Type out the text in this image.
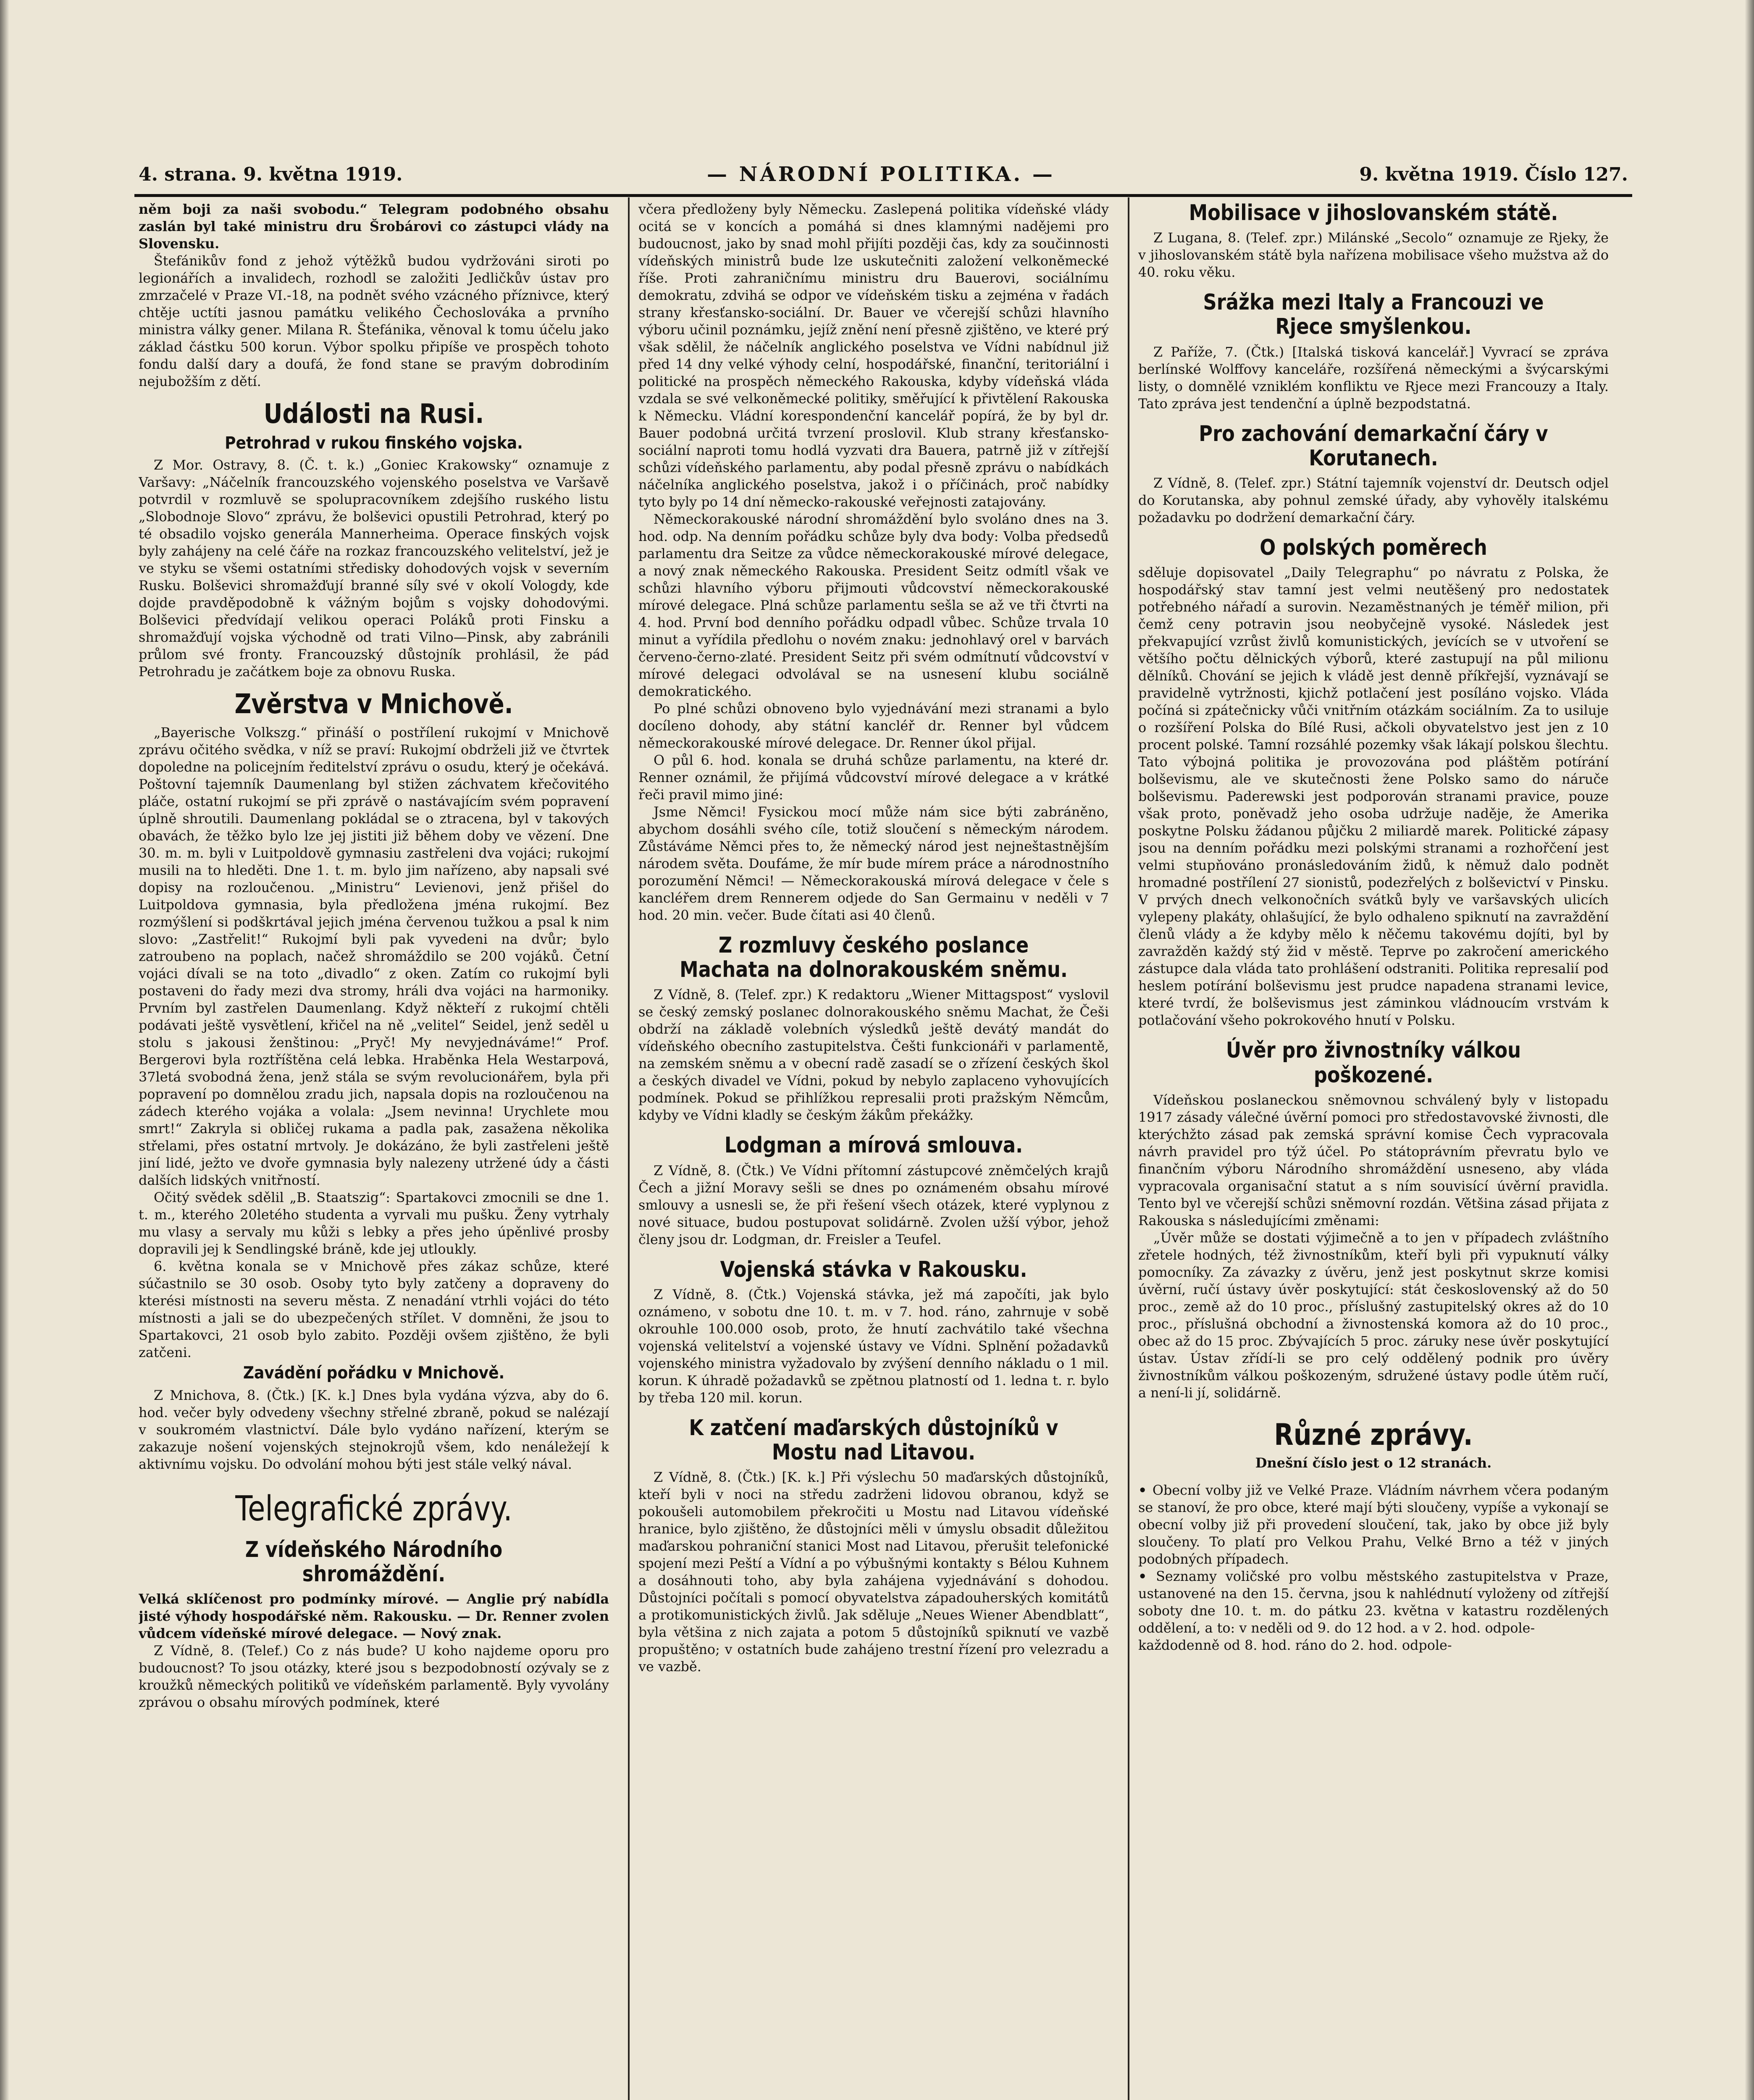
4. strana. 9. května 1919.	— NÁRODNÍ POLITIKA. —	9. května 1919. Číslo 127.

něm boji za naši svobodu.“ Telegram podobného obsahu zaslán byl také ministru dru Šrobárovi co zástupci vlády na Slovensku.

Štefánikův fond z jehož výtěžků budou vydržováni siroti po legionářích a invalidech, rozhodl se založiti Jedličkův ústav pro zmrzačelé v Praze VI.-18, na podnět svého vzácného příznivce, který chtěje uctíti jasnou památku velikého Čechoslováka a prvního ministra války gener. Milana R. Štefánika, věnoval k tomu účelu jako základ částku 500 korun. Výbor spolku připíše ve prospěch tohoto fondu další dary a doufá, že fond stane se pravým dobrodiním nejubožším z dětí.

Události na Rusi.
Petrohrad v rukou finského vojska.

Z Mor. Ostravy, 8. (Č. t. k.) „Goniec Krakowsky“ oznamuje z Varšavy: „Náčelník francouzského vojenského poselstva ve Varšavě potvrdil v rozmluvě se spolupracovníkem zdejšího ruského listu „Slobodnoje Slovo“ zprávu, že bolševici opustili Petrohrad, který po té obsadilo vojsko generála Mannerheima. Operace finských vojsk byly zahájeny na celé čáře na rozkaz francouzského velitelství, jež je ve styku se všemi ostatními středisky dohodových vojsk v severním Rusku. Bolševici shromažďují branné síly své v okolí Vologdy, kde dojde pravděpodobně k vážným bojům s vojsky dohodovými. Bolševici předvídají velikou operaci Poláků proti Finsku a shromažďují vojska východně od trati Vilno—Pinsk, aby zabránili průlom své fronty. Francouzský důstojník prohlásil, že pád Petrohradu je začátkem boje za obnovu Ruska.

Zvěrstva v Mnichově.

„Bayerische Volkszg.“ přináší o postřílení rukojmí v Mnichově zprávu očitého svědka, v níž se praví: Rukojmí obdrželi již ve čtvrtek dopoledne na policejním ředitelství zprávu o osudu, který je očekává. Poštovní tajemník Daumenlang byl stižen záchvatem křečovitého pláče, ostatní rukojmí se při zprávě o nastávajícím svém popravení úplně shroutili. Daumenlang pokládal se o ztracena, byl v takových obavách, že těžko bylo lze jej jistiti již během doby ve vězení. Dne 30. m. m. byli v Luitpoldově gymnasiu zastřeleni dva vojáci; rukojmí musili na to hleděti. Dne 1. t. m. bylo jim nařízeno, aby napsali své dopisy na rozloučenou. „Ministru“ Levienovi, jenž přišel do Luitpoldova gymnasia, byla předložena jména rukojmí. Bez rozmýšlení si podškrtával jejich jména červenou tužkou a psal k nim slovo: „Zastřelit!“ Rukojmí byli pak vyvedeni na dvůr; bylo zatroubeno na poplach, načež shromáždilo se 200 vojáků. Četní vojáci dívali se na toto „divadlo“ z oken. Zatím co rukojmí byli postaveni do řady mezi dva stromy, hráli dva vojáci na harmoniky. Prvním byl zastřelen Daumenlang. Když někteří z rukojmí chtěli podávati ještě vysvětlení, křičel na ně „velitel“ Seidel, jenž seděl u stolu s jakousi ženštinou: „Pryč! My nevyjednáváme!“ Prof. Bergerovi byla roztříštěna celá lebka. Hraběnka Hela Westarpová, 37letá svobodná žena, jenž stála se svým revolucionářem, byla při popravení po domnělou zradu jich, napsala dopis na rozloučenou na zádech kterého vojáka a volala: „Jsem nevinna! Urychlete mou smrt!“ Zakryla si obličej rukama a padla pak, zasažena několika střelami, přes ostatní mrtvoly. Je dokázáno, že byli zastřeleni ještě jiní lidé, ježto ve dvoře gymnasia byly nalezeny utržené údy a části dalších lidských vnitřností.

Očitý svědek sdělil „B. Staatszig“: Spartakovci zmocnili se dne 1. t. m., kterého 20letého studenta a vyrvali mu pušku. Ženy vytrhaly mu vlasy a servaly mu kůži s lebky a přes jeho úpěnlivé prosby dopravili jej k Sendlingské bráně, kde jej utloukly.

6. května konala se v Mnichově přes zákaz schůze, které súčastnilo se 30 osob. Osoby tyto byly zatčeny a dopraveny do kterési místnosti na severu města. Z nenadání vtrhli vojáci do této místnosti a jali se do ubezpečených střílet. V domněni, že jsou to Spartakovci, 21 osob bylo zabito. Později ovšem zjištěno, že byli zatčeni.

Zavádění pořádku v Mnichově.

Z Mnichova, 8. (Čtk.) [K. k.] Dnes byla vydána výzva, aby do 6. hod. večer byly odvedeny všechny střelné zbraně, pokud se nalézají v soukromém vlastnictví. Dále bylo vydáno nařízení, kterým se zakazuje nošení vojenských stejnokrojů všem, kdo nenáležejí k aktivnímu vojsku. Do odvolání mohou býti jest stále velký nával.

Telegrafické zprávy.
Z vídeňského Národního shromáždění.

Velká sklíčenost pro podmínky mírové. — Anglie prý nabídla jisté výhody hospodářské něm. Rakousku. — Dr. Renner zvolen vůdcem vídeňské mírové delegace. — Nový znak.

Z Vídně, 8. (Telef.) Co z nás bude? U koho najdeme oporu pro budoucnost? To jsou otázky, které jsou s bezpodobností ozývaly se z kroužků německých politiků ve vídeňském parlamentě. Byly vyvolány zprávou o obsahu mírových podmínek, které

včera předloženy byly Německu. Zaslepená politika vídeňské vlády ocitá se v koncích a pomáhá si dnes klamnými nadějemi pro budoucnost, jako by snad mohl přijíti později čas, kdy za součinnosti vídeňských ministrů bude lze uskutečniti založení velkoněmecké říše. Proti zahraničnímu ministru dru Bauerovi, sociálnímu demokratu, zdvihá se odpor ve vídeňském tisku a zejména v řadách strany křesťansko-sociální. Dr. Bauer ve včerejší schůzi hlavního výboru učinil poznámku, jejíž znění není přesně zjištěno, ve které prý však sdělil, že náčelník anglického poselstva ve Vídni nabídnul již před 14 dny velké výhody celní, hospodářské, finanční, teritoriální i politické na prospěch německého Rakouska, kdyby vídeňská vláda vzdala se své velkoněmecké politiky, směřující k přivtělení Rakouska k Německu. Vládní korespondenční kancelář popírá, že by byl dr. Bauer podobná určitá tvrzení proslovil. Klub strany křesťansko-sociální naproti tomu hodlá vyzvati dra Bauera, patrně již v zítřejší schůzi vídeňského parlamentu, aby podal přesně zprávu o nabídkách náčelníka anglického poselstva, jakož i o příčinách, proč nabídky tyto byly po 14 dní německo-rakouské veřejnosti zatajovány.

Německorakouské národní shromáždění bylo svoláno dnes na 3. hod. odp. Na denním pořádku schůze byly dva body: Volba předsedů parlamentu dra Seitze za vůdce německorakouské mírové delegace, a nový znak německého Rakouska. President Seitz odmítl však ve schůzi hlavního výboru přijmouti vůdcovství německorakouské mírové delegace. Plná schůze parlamentu sešla se až ve tři čtvrti na 4. hod. První bod denního pořádku odpadl vůbec. Schůze trvala 10 minut a vyřídila předlohu o novém znaku: jednohlavý orel v barvách červeno-černo-zlaté. President Seitz při svém odmítnutí vůdcovství v mírové delegaci odvolával se na usnesení klubu sociálně demokratického.

Po plné schůzi obnoveno bylo vyjednávání mezi stranami a bylo docíleno dohody, aby státní kancléř dr. Renner byl vůdcem německorakouské mírové delegace. Dr. Renner úkol přijal.

O půl 6. hod. konala se druhá schůze parlamentu, na které dr. Renner oznámil, že přijímá vůdcovství mírové delegace a v krátké řeči pravil mimo jiné:

Jsme Němci! Fysickou mocí může nám sice býti zabráněno, abychom dosáhli svého cíle, totiž sloučení s německým národem. Zůstáváme Němci přes to, že německý národ jest nejneštastnějším národem světa. Doufáme, že mír bude mírem práce a národnostního porozumění Němci! — Německorakouská mírová delegace v čele s kancléřem drem Rennerem odjede do San Germainu v neděli v 7 hod. 20 min. večer. Bude čítati asi 40 členů.

Z rozmluvy českého poslance Machata na dolnorakouském sněmu.

Z Vídně, 8. (Telef. zpr.) K redaktoru „Wiener Mittagspost“ vyslovil se český zemský poslanec dolnorakouského sněmu Machat, že Češi obdrží na základě volebních výsledků ještě devátý mandát do vídeňského obecního zastupitelstva. Češti funkcionáři v parlamentě, na zemském sněmu a v obecní radě zasadí se o zřízení českých škol a českých divadel ve Vídni, pokud by nebylo zaplaceno vyhovujících podmínek. Pokud se přihlížkou represalii proti pražským Němcům, kdyby ve Vídni kladly se českým žákům překážky.

Lodgman a mírová smlouva.

Z Vídně, 8. (Čtk.) Ve Vídni přítomní zástupcové zněmčelých krajů Čech a jižní Moravy sešli se dnes po oznámeném obsahu mírové smlouvy a usnesli se, že při řešení všech otázek, které vyplynou z nové situace, budou postupovat solidárně. Zvolen užší výbor, jehož členy jsou dr. Lodgman, dr. Freisler a Teufel.

Vojenská stávka v Rakousku.

Z Vídně, 8. (Čtk.) Vojenská stávka, jež má započíti, jak bylo oznámeno, v sobotu dne 10. t. m. v 7. hod. ráno, zahrnuje v sobě okrouhle 100.000 osob, proto, že hnutí zachvátilo také všechna vojenská velitelství a vojenské ústavy ve Vídni. Splnění požadavků vojenského ministra vyžadovalo by zvýšení denního nákladu o 1 mil. korun. K úhradě požadavků se zpětnou platností od 1. ledna t. r. bylo by třeba 120 mil. korun.

K zatčení maďarských důstojníků v Mostu nad Litavou.

Z Vídně, 8. (Čtk.) [K. k.] Při výslechu 50 maďarských důstojníků, kteří byli v noci na středu zadrženi lidovou obranou, když se pokoušeli automobilem překročiti u Mostu nad Litavou vídeňské hranice, bylo zjištěno, že důstojníci měli v úmyslu obsadit důležitou maďarskou pohraniční stanici Most nad Litavou, přerušit telefonické spojení mezi Peští a Vídní a po výbušnými kontakty s Bélou Kuhnem a dosáhnouti toho, aby byla zahájena vyjednávání s dohodou. Důstojníci počítali s pomocí obyvatelstva západouherských komitátů a protikomunistických živlů. Jak sděluje „Neues Wiener Abendblatt“, byla většina z nich zajata a potom 5 důstojníků spiknutí ve vazbě propuštěno; v ostatních bude zahájeno trestní řízení pro velezradu a ve vazbě.

Mobilisace v jihoslovanském státě.

Z Lugana, 8. (Telef. zpr.) Milánské „Secolo“ oznamuje ze Rjeky, že v jihoslovanském státě byla nařízena mobilisace všeho mužstva až do 40. roku věku.

Srážka mezi Italy a Francouzi ve Rjece smyšlenkou.

Z Paříže, 7. (Čtk.) [Italská tisková kancelář.] Vyvrací se zpráva berlínské Wolffovy kanceláře, rozšířená německými a švýcarskými listy, o domnělé vzniklém konfliktu ve Rjece mezi Francouzy a Italy. Tato zpráva jest tendenční a úplně bezpodstatná.

Pro zachování demarkační čáry v Korutanech.

Z Vídně, 8. (Telef. zpr.) Státní tajemník vojenství dr. Deutsch odjel do Korutanska, aby pohnul zemské úřady, aby vyhověly italskému požadavku po dodržení demarkační čáry.

O polských poměrech

sděluje dopisovatel „Daily Telegraphu“ po návratu z Polska, že hospodářský stav tamní jest velmi neutěšený pro nedostatek potřebného nářadí a surovin. Nezaměstnaných je téměř milion, při čemž ceny potravin jsou neobyčejně vysoké. Následek jest překvapující vzrůst živlů komunistických, jevících se v utvoření se většího počtu dělnických výborů, které zastupují na půl milionu dělníků. Chování se jejich k vládě jest denně příkřejší, vyznávají se pravidelně vytržnosti, kjichž potlačení jest posíláno vojsko. Vláda počíná si zpátečnicky vůči vnitřním otázkám sociálním. Za to usiluje o rozšíření Polska do Bílé Rusi, ačkoli obyvatelstvo jest jen z 10 procent polské. Tamní rozsáhlé pozemky však lákají polskou šlechtu. Tato výbojná politika je provozována pod pláštěm potírání bolševismu, ale ve skutečnosti žene Polsko samo do náruče bolševismu. Paderewski jest podporován stranami pravice, pouze však proto, poněvadž jeho osoba udržuje naděje, že Amerika poskytne Polsku žádanou půjčku 2 miliardě marek. Politické zápasy jsou na denním pořádku mezi polskými stranami a rozhořčení jest velmi stupňováno pronásledováním židů, k němuž dalo podnět hromadné postřílení 27 sionistů, podezřelých z bolševictví v Pinsku. V prvých dnech velkonočních svátků byly ve varšavských ulicích vylepeny plakáty, ohlašující, že bylo odhaleno spiknutí na zavraždění členů vlády a že kdyby mělo k něčemu takovému dojíti, byl by zavražděn každý stý žid v městě. Teprve po zakročení amerického zástupce dala vláda tato prohlášení odstraniti. Politika represalií pod heslem potírání bolševismu jest prudce napadena stranami levice, které tvrdí, že bolševismus jest záminkou vládnoucím vrstvám k potlačování všeho pokrokového hnutí v Polsku.

Úvěr pro živnostníky válkou poškozené.

Vídeňskou poslaneckou sněmovnou schválený byly v listopadu 1917 zásady válečné úvěrní pomoci pro středostavovské živnosti, dle kterýchžto zásad pak zemská správní komise Čech vypracovala návrh pravidel pro týž účel. Po státoprávním převratu bylo ve finančním výboru Národního shromáždění usneseno, aby vláda vypracovala organisační statut a s ním souvisící úvěrní pravidla. Tento byl ve včerejší schůzi sněmovní rozdán. Většina zásad přijata z Rakouska s následujícími změnami:

„Úvěr může se dostati výjimečně a to jen v případech zvláštního zřetele hodných, též živnostníkům, kteří byli při vypuknutí války pomocníky. Za závazky z úvěru, jenž jest poskytnut skrze komisi úvěrní, ručí ústavy úvěr poskytující: stát československý až do 50 proc., země až do 10 proc., příslušný zastupitelský okres až do 10 proc., příslušná obchodní a živnostenská komora až do 10 proc., obec až do 15 proc. Zbývajících 5 proc. záruky nese úvěr poskytující ústav. Ústav zřídí-li se pro celý oddělený podnik pro úvěry živnostníkům válkou poškozeným, sdružené ústavy podle útěm ručí, a není-li jí, solidárně.

Různé zprávy.

Dnešní číslo jest o 12 stranách.

• Obecní volby již ve Velké Praze. Vládním návrhem včera podaným se stanoví, že pro obce, které mají býti sloučeny, vypíše a vykonají se obecní volby již při provedení sloučení, tak, jako by obce již byly sloučeny. To platí pro Velkou Prahu, Velké Brno a též v jiných podobných případech.

• Seznamy voličské pro volbu městského zastupitelstva v Praze, ustanovené na den 15. června, jsou k nahlédnutí vyloženy od zítřejší soboty dne 10. t. m. do pátku 23. května v katastru rozdělených oddělení, a to: v neděli od 9. do 12 hod. a v 2. hod. odpole-

každodenně od 8. hod. ráno do 2. hod. odpole-
